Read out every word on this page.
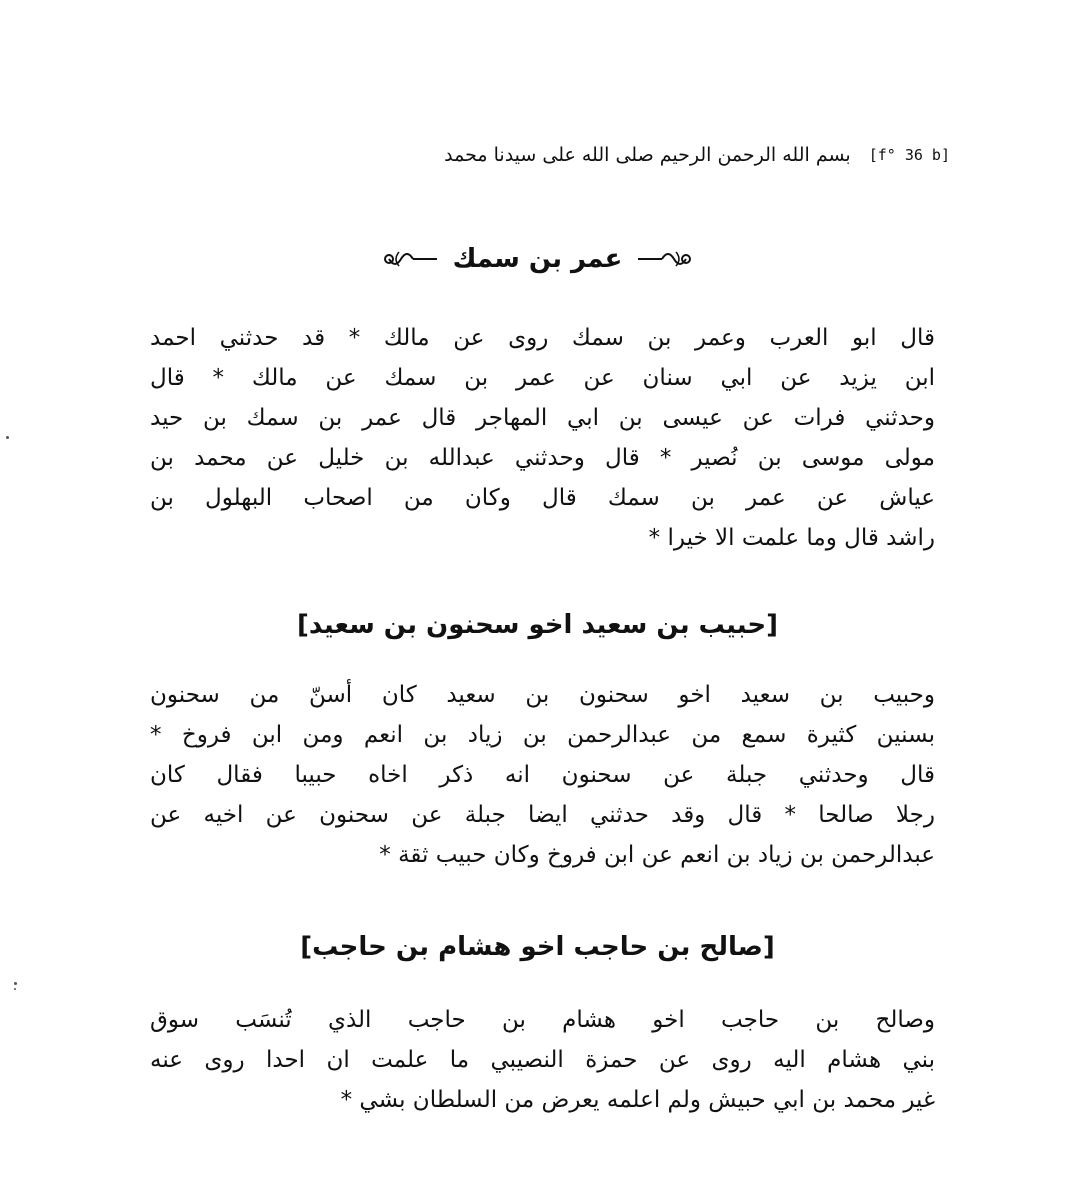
[f° 36 b]
بسم الله الرحمن الرحيم صلى الله على سيدنا محمد
عمر بن سمك
قال ابو العرب وعمر بن سمك روى عن مالك * قد حدثني احمد
ابن يزيد عن ابي سنان عن عمر بن سمك عن مالك * قال
وحدثني فرات عن عيسى بن ابي المهاجر قال عمر بن سمك بن حيد
مولى موسى بن نُصير * قال وحدثني عبدالله بن خليل عن محمد بن
عياش عن عمر بن سمك قال وكان من اصحاب البهلول بن
راشد قال وما علمت الا خيرا *
[حبيب بن سعيد اخو سحنون بن سعيد]
وحبيب بن سعيد اخو سحنون بن سعيد كان أسنّ من سحنون
بسنين كثيرة سمع من عبدالرحمن بن زياد بن انعم ومن ابن فروخ *
قال وحدثني جبلة عن سحنون انه ذكر اخاه حبيبا فقال كان
رجلا صالحا * قال وقد حدثني ايضا جبلة عن سحنون عن اخيه عن
عبدالرحمن بن زياد بن انعم عن ابن فروخ وكان حبيب ثقة *
[صالح بن حاجب اخو هشام بن حاجب]
وصالح بن حاجب اخو هشام بن حاجب الذي تُنسَب سوق
بني هشام اليه روى عن حمزة النصيبي ما علمت ان احدا روى عنه
غير محمد بن ابي حبيش ولم اعلمه يعرض من السلطان بشي *
